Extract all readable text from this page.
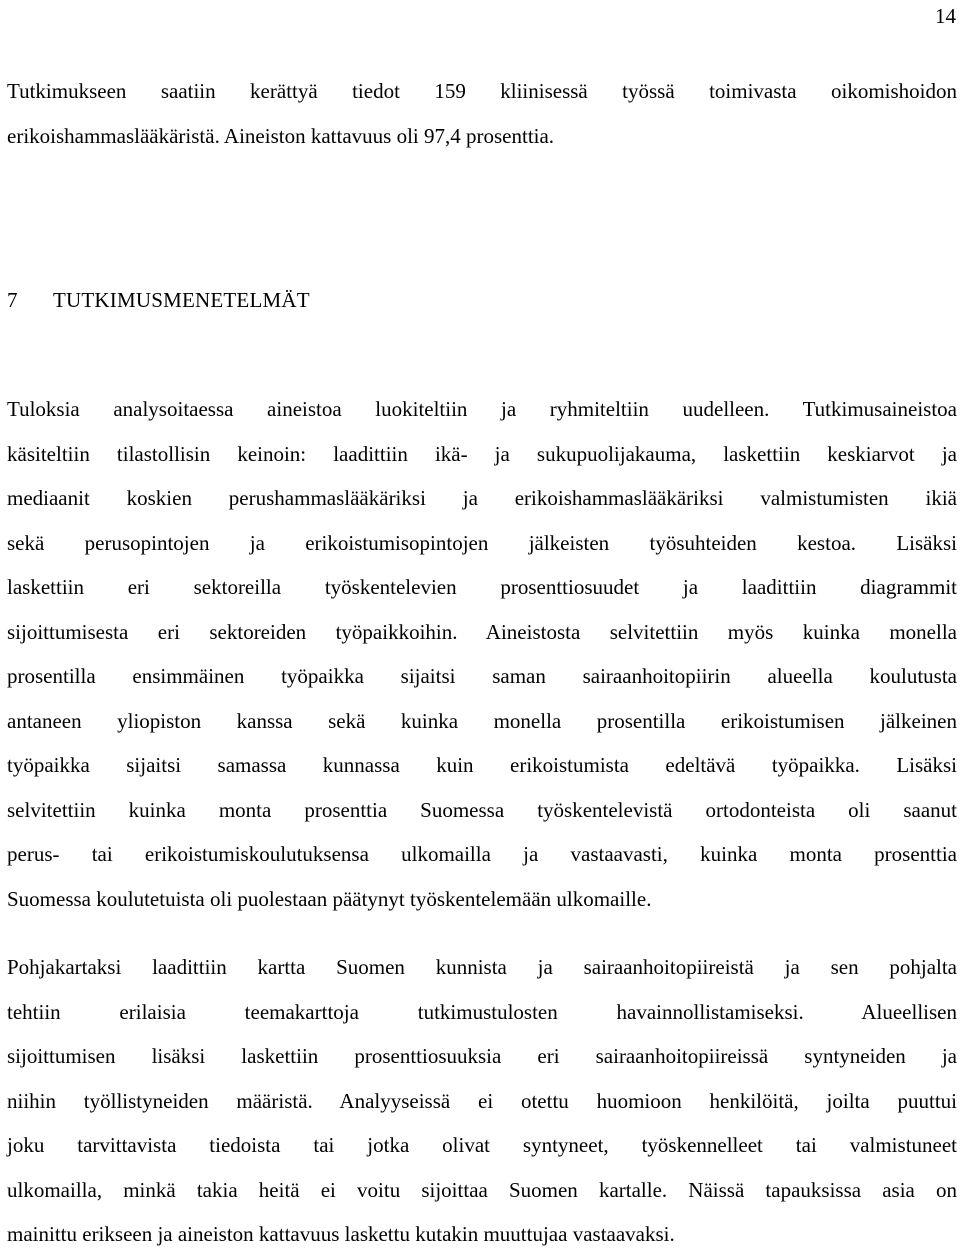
14

Tutkimukseen saatiin kerättyä tiedot 159 kliinisessä työssä toimivasta oikomishoidon
erikoishammaslääkäristä. Aineiston kattavuus oli 97,4 prosenttia.

7 TUTKIMUSMENETELMÄT

Tuloksia analysoitaessa aineistoa luokiteltiin ja ryhmiteltiin uudelleen. Tutkimusaineistoa
käsiteltiin tilastollisin keinoin: laadittiin ikä- ja sukupuolijakauma, laskettiin keskiarvot ja
mediaanit koskien perushammaslääkäriksi ja erikoishammaslääkäriksi valmistumisten ikiä
sekä perusopintojen ja erikoistumisopintojen jälkeisten työsuhteiden kestoa. Lisäksi
laskettiin eri sektoreilla työskentelevien prosenttiosuudet ja laadittiin diagrammit
sijoittumisesta eri sektoreiden työpaikkoihin. Aineistosta selvitettiin myös kuinka monella
prosentilla ensimmäinen työpaikka sijaitsi saman sairaanhoitopiirin alueella koulutusta
antaneen yliopiston kanssa sekä kuinka monella prosentilla erikoistumisen jälkeinen
työpaikka sijaitsi samassa kunnassa kuin erikoistumista edeltävä työpaikka. Lisäksi
selvitettiin kuinka monta prosenttia Suomessa työskentelevistä ortodonteista oli saanut
perus- tai erikoistumiskoulutuksensa ulkomailla ja vastaavasti, kuinka monta prosenttia
Suomessa koulutetuista oli puolestaan päätynyt työskentelemään ulkomaille.

Pohjakartaksi laadittiin kartta Suomen kunnista ja sairaanhoitopiireistä ja sen pohjalta
tehtiin erilaisia teemakarttoja tutkimustulosten havainnollistamiseksi. Alueellisen
sijoittumisen lisäksi laskettiin prosenttiosuuksia eri sairaanhoitopiireissä syntyneiden ja
niihin työllistyneiden määristä. Analyyseissä ei otettu huomioon henkilöitä, joilta puuttui
joku tarvittavista tiedoista tai jotka olivat syntyneet, työskennelleet tai valmistuneet
ulkomailla, minkä takia heitä ei voitu sijoittaa Suomen kartalle. Näissä tapauksissa asia on
mainittu erikseen ja aineiston kattavuus laskettu kutakin muuttujaa vastaavaksi.
